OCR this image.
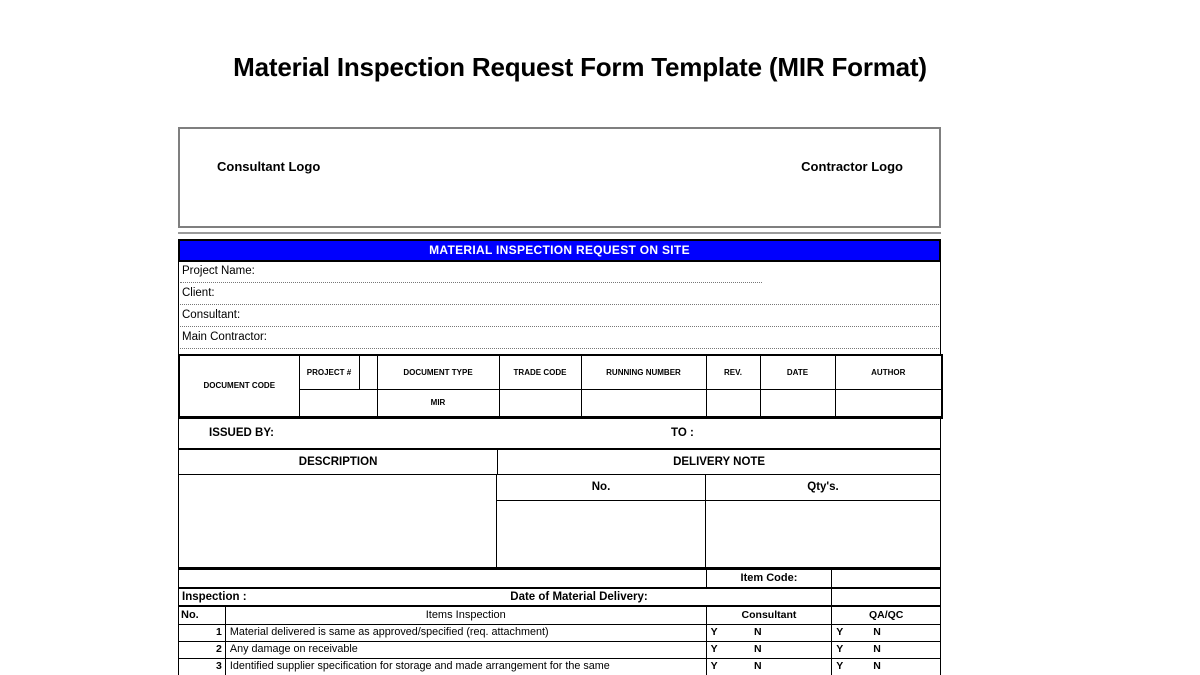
Material Inspection Request Form Template (MIR Format)
Consultant Logo	Contractor Logo
MATERIAL INSPECTION REQUEST ON SITE
Project Name:
Client:
Consultant:
Main Contractor:
DOCUMENT CODE	PROJECT #		DOCUMENT TYPE	TRADE CODE	RUNNING NUMBER	REV.	DATE	AUTHOR
			MIR					
ISSUED BY:	TO :
DESCRIPTION	DELIVERY NOTE
No.	Qty's.
Item Code:
Inspection :	Date of Material Delivery:
No.	Items Inspection	Consultant	QA/QC
1 Material delivered is same as approved/specified (req. attachment)	Y	N	Y	N
2 Any damage on receivable	Y	N	Y	N
3 Identified supplier specification for storage and made arrangement for the same	Y	N	Y	N
